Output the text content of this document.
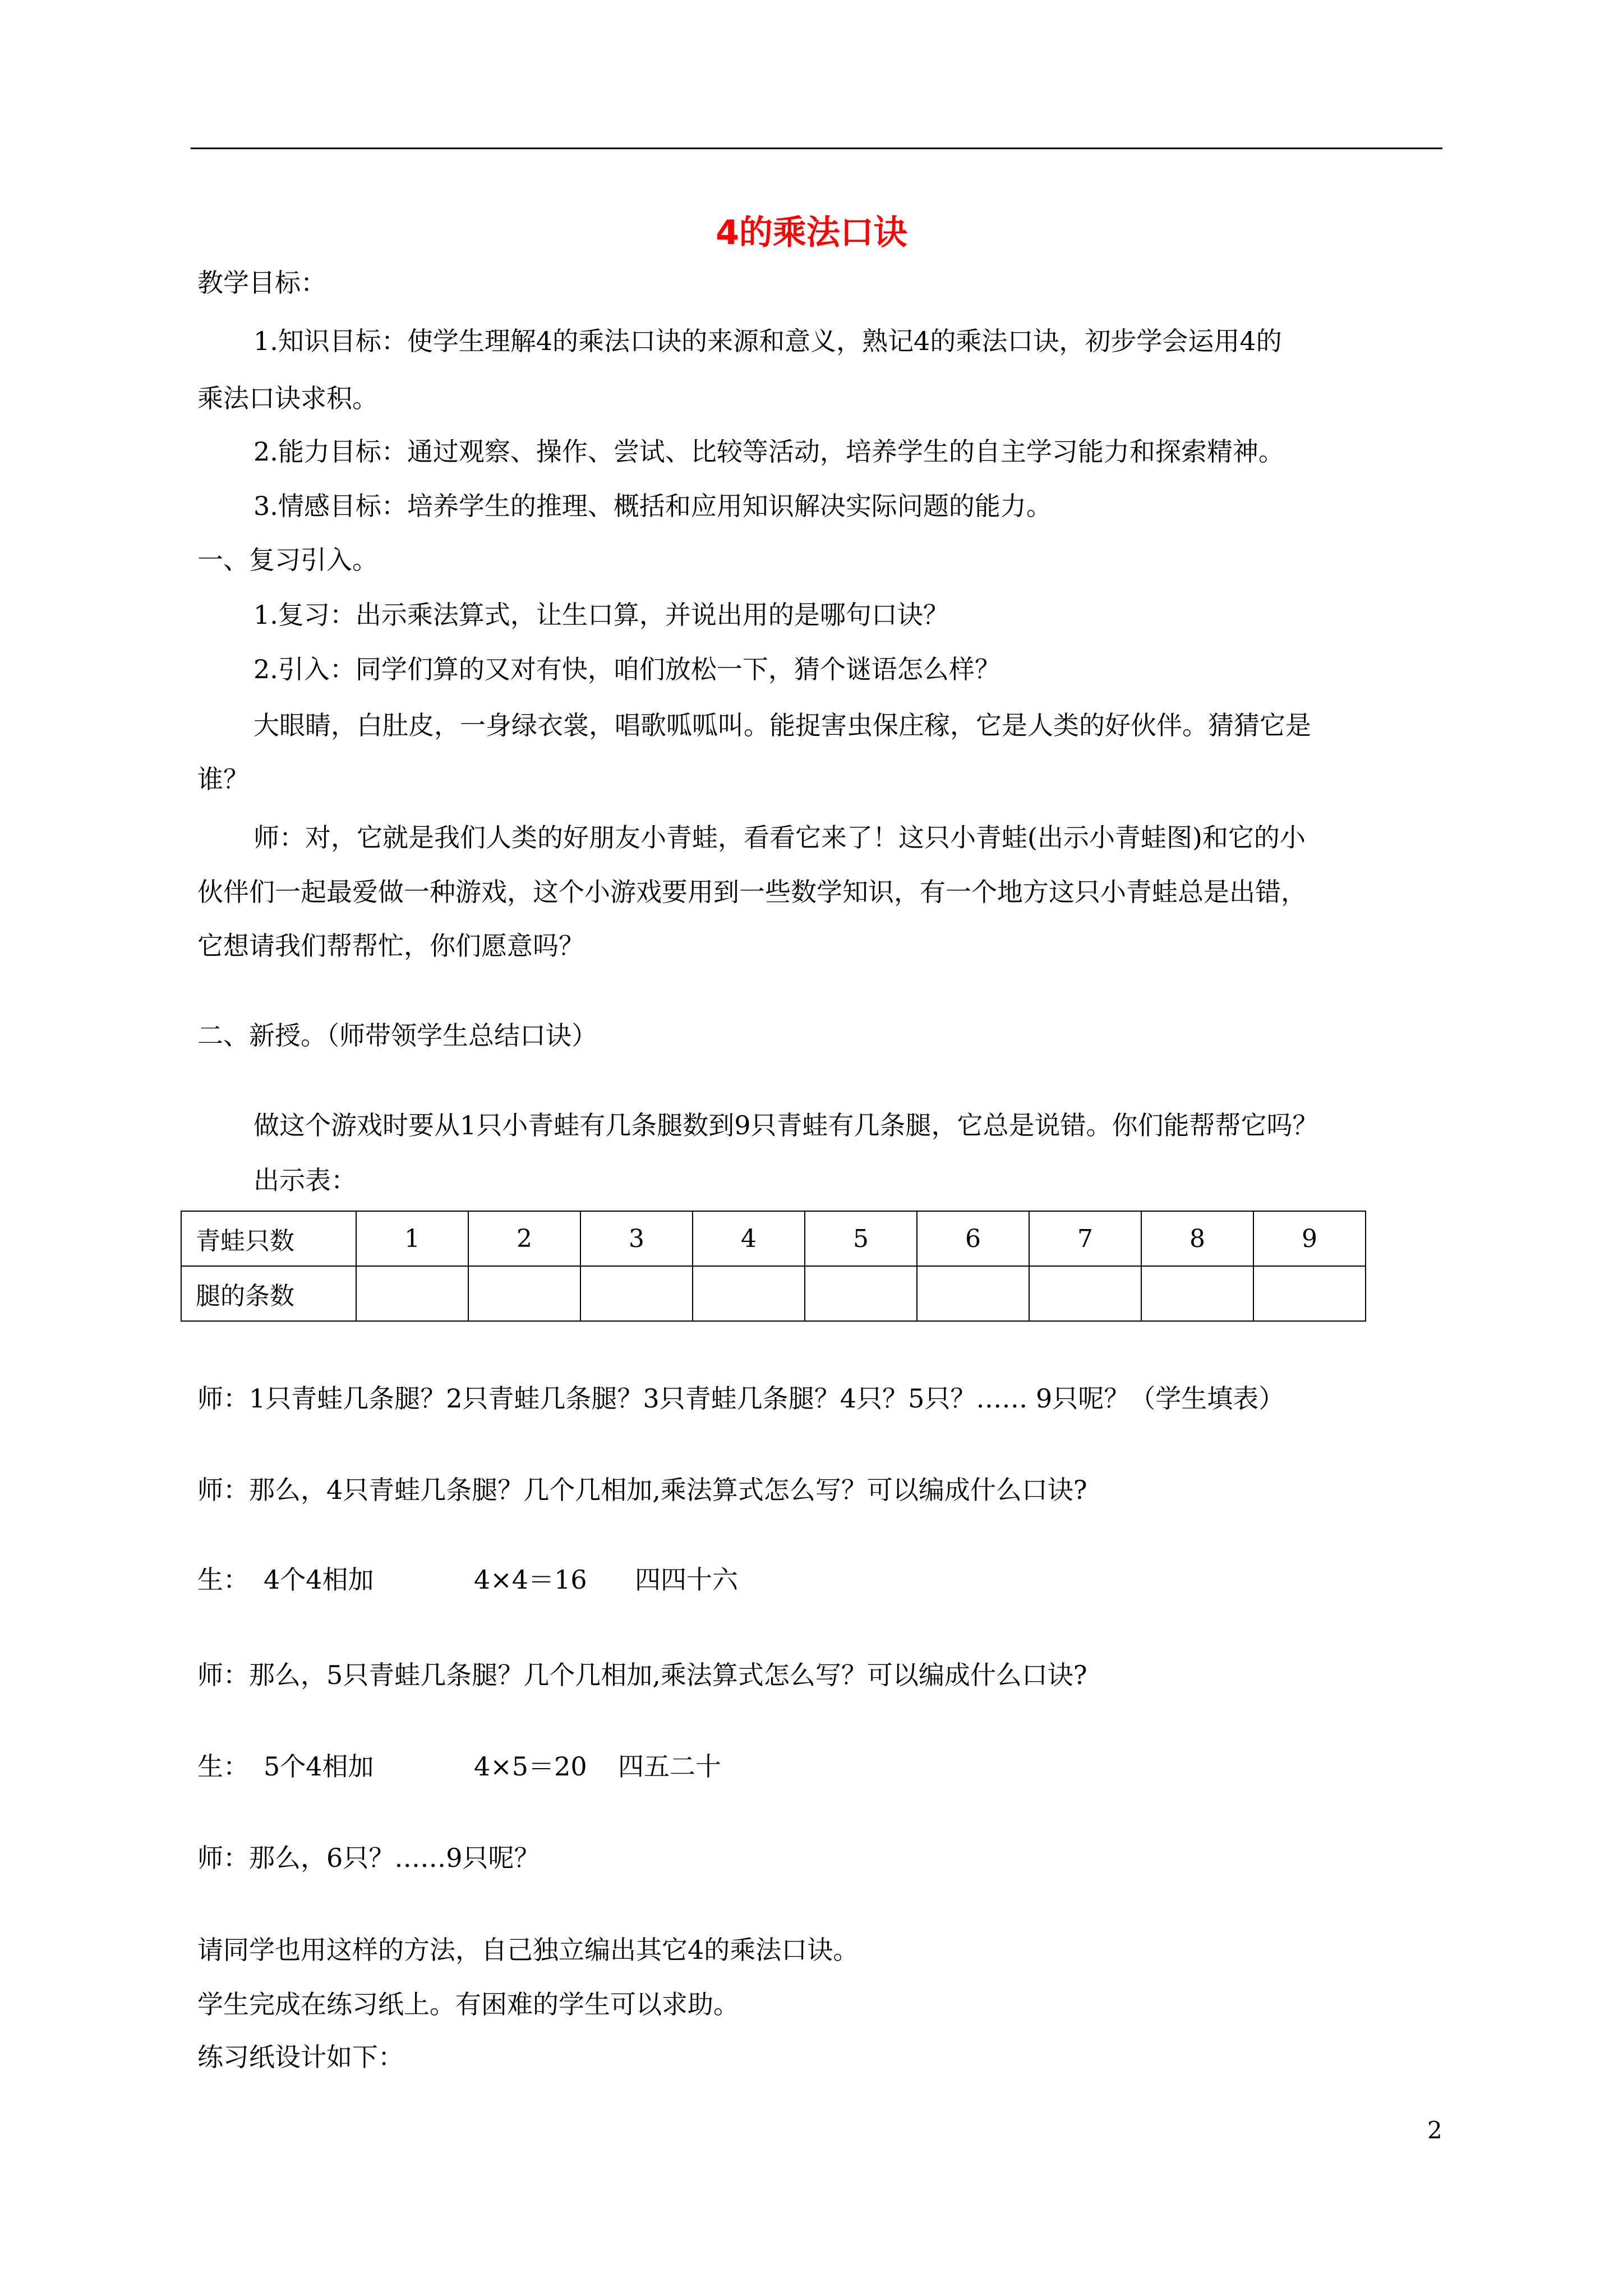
4的乘法口诀
教学目标：
1.知识目标：使学生理解4的乘法口诀的来源和意义，熟记4的乘法口诀，初步学会运用4的
乘法口诀求积。
2.能力目标：通过观察、操作、尝试、比较等活动，培养学生的自主学习能力和探索精神。
3.情感目标：培养学生的推理、概括和应用知识解决实际问题的能力。
一、复习引入。
1.复习：出示乘法算式，让生口算，并说出用的是哪句口诀？
2.引入：同学们算的又对有快，咱们放松一下，猜个谜语怎么样？
大眼睛，白肚皮，一身绿衣裳，唱歌呱呱叫。能捉害虫保庄稼，它是人类的好伙伴。猜猜它是
谁？
师：对，它就是我们人类的好朋友小青蛙，看看它来了！这只小青蛙(出示小青蛙图)和它的小
伙伴们一起最爱做一种游戏，这个小游戏要用到一些数学知识，有一个地方这只小青蛙总是出错，
它想请我们帮帮忙，你们愿意吗？
二、新授。（师带领学生总结口诀）
做这个游戏时要从1只小青蛙有几条腿数到9只青蛙有几条腿，它总是说错。你们能帮帮它吗？
出示表：
青蛙只数	1	2	3	4	5	6	7	8	9
腿的条数									
师：1只青蛙几条腿？2只青蛙几条腿？3只青蛙几条腿？4只？5只？…… 9只呢？（学生填表）
师：那么，4只青蛙几条腿？几个几相加,乘法算式怎么写？可以编成什么口诀?
生： 4个4相加	4×4＝16 四四十六
师：那么，5只青蛙几条腿？几个几相加,乘法算式怎么写？可以编成什么口诀?
生： 5个4相加	4×5＝20 四五二十
师：那么，6只？……9只呢？
请同学也用这样的方法，自己独立编出其它4的乘法口诀。
学生完成在练习纸上。有困难的学生可以求助。
练习纸设计如下：
2
